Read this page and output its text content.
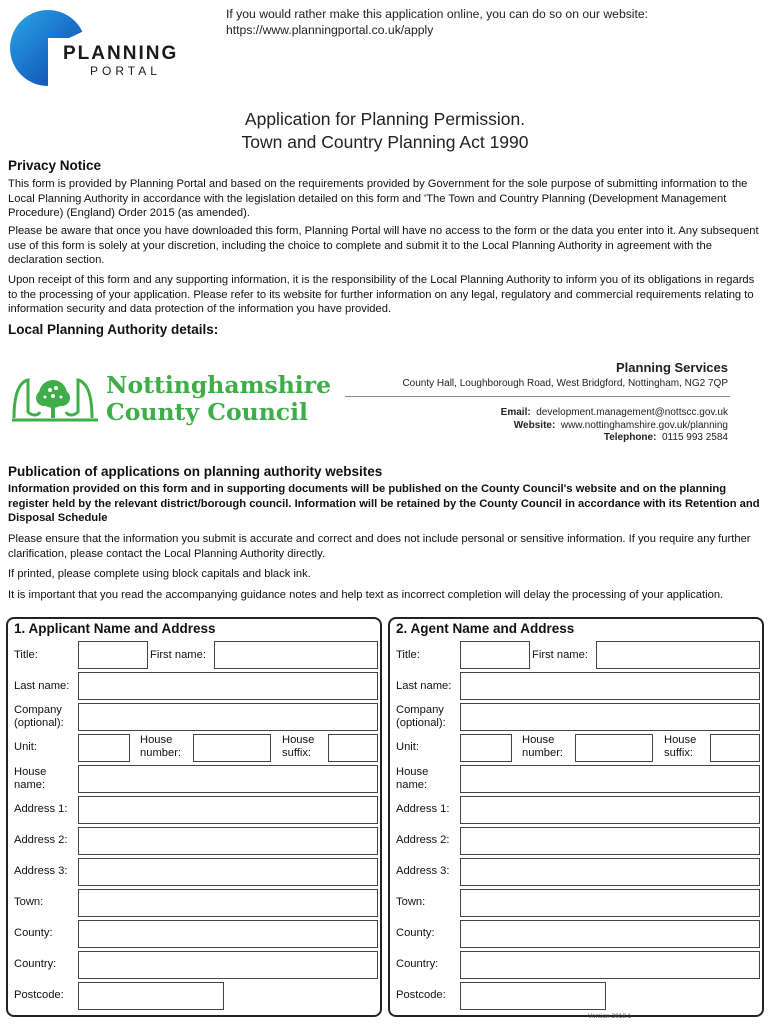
PLANNING
PORTAL
If you would rather make this application online, you can do so on our website: https://www.planningportal.co.uk/apply
Application for Planning Permission.
Town and Country Planning Act 1990
Privacy Notice
This form is provided by Planning Portal and based on the requirements provided by Government for the sole purpose of submitting information to the Local Planning Authority in accordance with the legislation detailed on this form and 'The Town and Country Planning (Development Management Procedure) (England) Order 2015 (as amended).
Please be aware that once you have downloaded this form, Planning Portal will have no access to the form or the data you enter into it. Any subsequent use of this form is solely at your discretion, including the choice to complete and submit it to the Local Planning Authority in agreement with the declaration section.
Upon receipt of this form and any supporting information, it is the responsibility of the Local Planning Authority to inform you of its obligations in regards to the processing of your application. Please refer to its website for further information on any legal, regulatory and commercial requirements relating to information security and data protection of the information you have provided.
Local Planning Authority details:
Nottinghamshire
County Council
Planning Services
County Hall, Loughborough Road, West Bridgford, Nottingham, NG2 7QP
Email: development.management@nottscc.gov.uk
Website: www.nottinghamshire.gov.uk/planning
Telephone: 0115 993 2584
Publication of applications on planning authority websites
Information provided on this form and in supporting documents will be published on the County Council's website and on the planning register held by the relevant district/borough council. Information will be retained by the County Council in accordance with its Retention and Disposal Schedule
Please ensure that the information you submit is accurate and correct and does not include personal or sensitive information. If you require any further clarification, please contact the Local Planning Authority directly.
If printed, please complete using block capitals and black ink.
It is important that you read the accompanying guidance notes and help text as incorrect completion will delay the processing of your application.
1. Applicant Name and Address
Title:	First name:
Last name:
Company
(optional):
Unit:
House
number:
House
suffix:
House
name:
Address 1:
Address 2:
Address 3:
Town:
County:
Country:
Postcode:
2. Agent Name and Address
Title:	First name:
Last name:
Company
(optional):
Unit:
House
number:
House
suffix:
House
name:
Address 1:
Address 2:
Address 3:
Town:
County:
Country:
Postcode:
Version 2018.1
